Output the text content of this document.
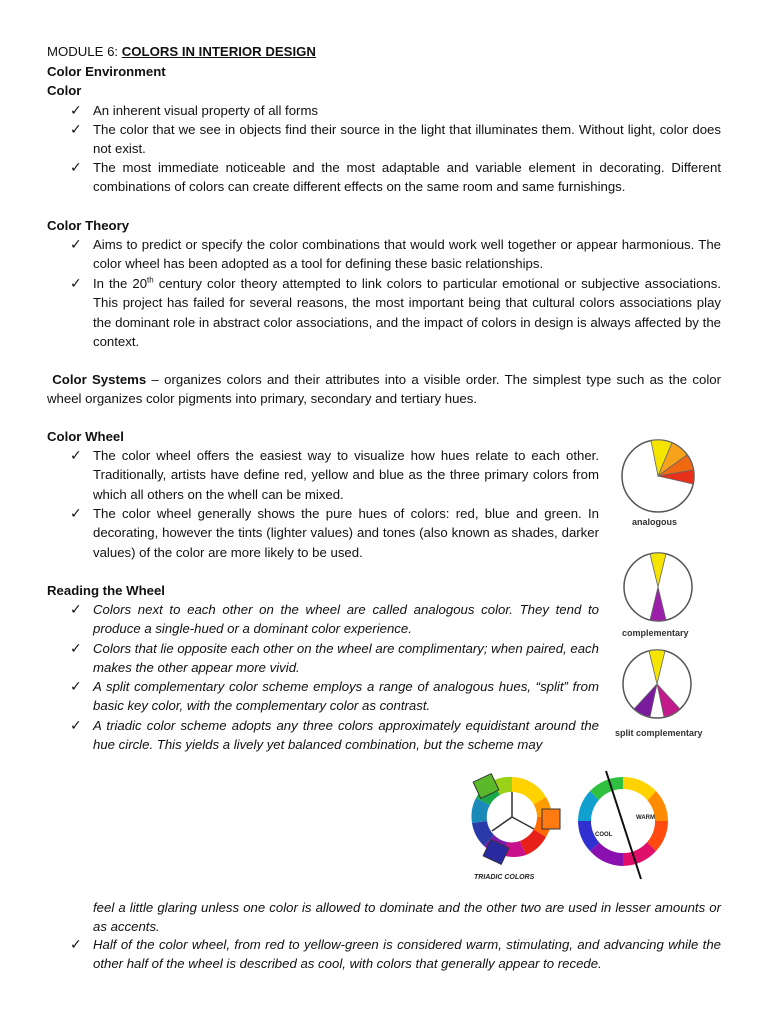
MODULE 6: COLORS IN INTERIOR DESIGN
Color Environment
Color
✓ An inherent visual property of all forms
✓ The color that we see in objects find their source in the light that illuminates them. Without light, color does not exist.
✓ The most immediate noticeable and the most adaptable and variable element in decorating. Different combinations of colors can create different effects on the same room and same furnishings.
Color Theory
✓ Aims to predict or specify the color combinations that would work well together or appear harmonious. The color wheel has been adopted as a tool for defining these basic relationships.
✓ In the 20th century color theory attempted to link colors to particular emotional or subjective associations. This project has failed for several reasons, the most important being that cultural colors associations play the dominant role in abstract color associations, and the impact of colors in design is always affected by the context.
Color Systems – organizes colors and their attributes into a visible order. The simplest type such as the color wheel organizes color pigments into primary, secondary and tertiary hues.
Color Wheel
✓ The color wheel offers the easiest way to visualize how hues relate to each other. Traditionally, artists have define red, yellow and blue as the three primary colors from which all others on the whell can be mixed.
✓ The color wheel generally shows the pure hues of colors: red, blue and green. In decorating, however the tints (lighter values) and tones (also known as shades, darker values) of the color are more likely to be used.
Reading the Wheel
✓ Colors next to each other on the wheel are called analogous color. They tend to produce a single-hued or a dominant color experience.
✓ Colors that lie opposite each other on the wheel are complimentary; when paired, each makes the other appear more vivid.
✓ A split complementary color scheme employs a range of analogous hues, “split” from basic key color, with the complementary color as contrast.
✓ A triadic color scheme adopts any three colors approximately equidistant around the hue circle. This yields a lively yet balanced combination, but the scheme may
feel a little glaring unless one color is allowed to dominate and the other two are used in lesser amounts or as accents.
✓ Half of the color wheel, from red to yellow-green is considered warm, stimulating, and advancing while the other half of the wheel is described as cool, with colors that generally appear to recede.
analogous
complementary
split complementary
TRIADIC COLORS
WARM
COOL
